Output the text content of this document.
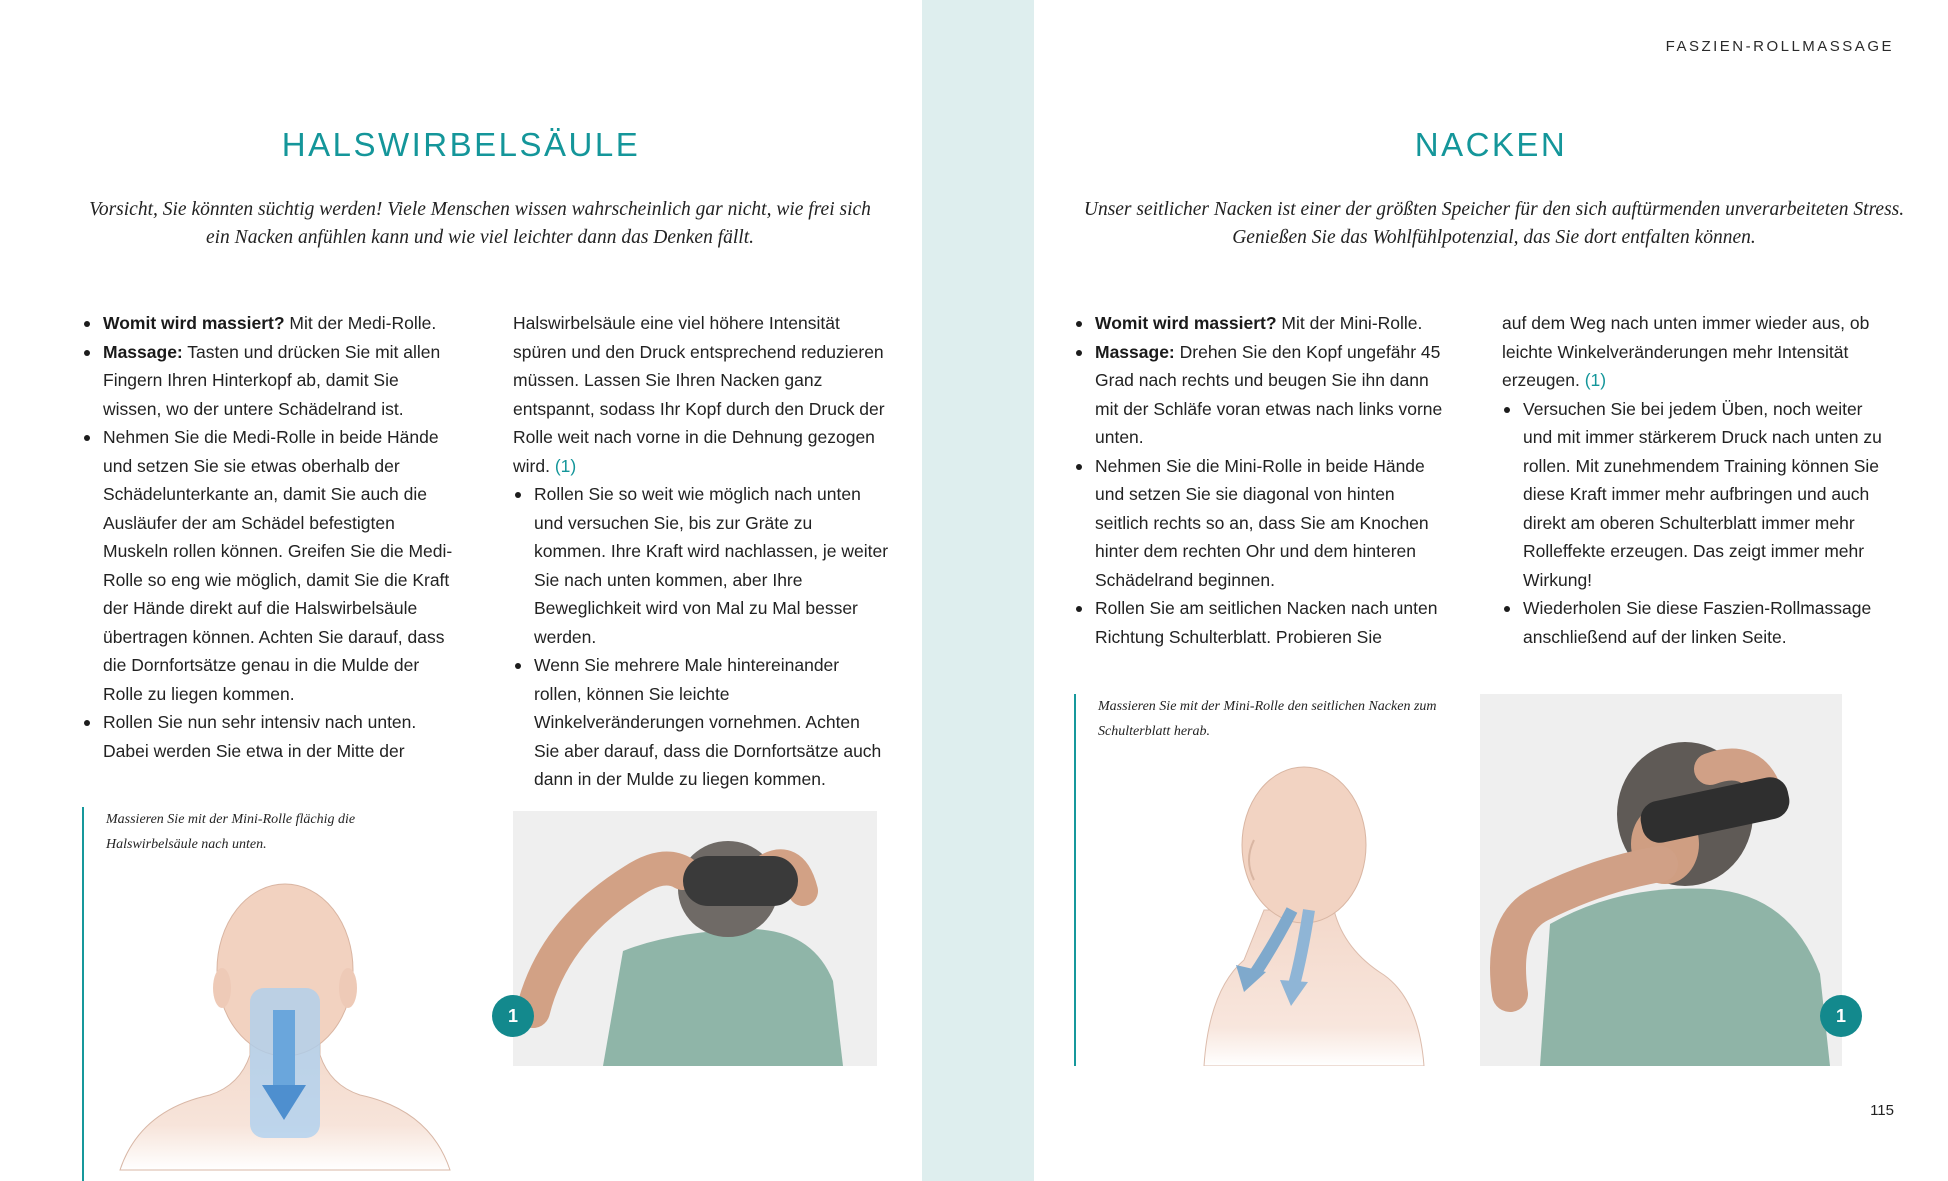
HALSWIRBELSÄULE
Vorsicht, Sie könnten süchtig werden! Viele Menschen wissen wahrscheinlich gar nicht, wie frei sich ein Nacken anfühlen kann und wie viel leichter dann das Denken fällt.
Womit wird massiert? Mit der Medi-Rolle.
Massage: Tasten und drücken Sie mit allen Fingern Ihren Hinterkopf ab, damit Sie wissen, wo der untere Schädelrand ist.
Nehmen Sie die Medi-Rolle in beide Hände und setzen Sie sie etwas oberhalb der Schädelunterkante an, damit Sie auch die Ausläufer der am Schädel befestigten Muskeln rollen können. Greifen Sie die Medi-Rolle so eng wie möglich, damit Sie die Kraft der Hände direkt auf die Halswirbelsäule übertragen können. Achten Sie darauf, dass die Dornfortsätze genau in die Mulde der Rolle zu liegen kommen.
Rollen Sie nun sehr intensiv nach unten. Dabei werden Sie etwa in der Mitte der

Halswirbelsäule eine viel höhere Intensität spüren und den Druck entsprechend reduzieren müssen. Lassen Sie Ihren Nacken ganz entspannt, sodass Ihr Kopf durch den Druck der Rolle weit nach vorne in die Dehnung gezogen wird. (1)

Rollen Sie so weit wie möglich nach unten und versuchen Sie, bis zur Gräte zu kommen. Ihre Kraft wird nachlassen, je weiter Sie nach unten kommen, aber Ihre Beweglichkeit wird von Mal zu Mal besser werden.
Wenn Sie mehrere Male hintereinander rollen, können Sie leichte Winkelveränderungen vornehmen. Achten Sie aber darauf, dass die Dornfortsätze auch dann in der Mulde zu liegen kommen.
Massieren Sie mit der Mini-Rolle flächig die Halswirbelsäule nach unten.
1
FASZIEN-ROLLMASSAGE
NACKEN
Unser seitlicher Nacken ist einer der größten Speicher für den sich auftürmenden unverarbeiteten Stress. Genießen Sie das Wohlfühlpotenzial, das Sie dort entfalten können.
Womit wird massiert? Mit der Mini-Rolle.
Massage: Drehen Sie den Kopf ungefähr 45 Grad nach rechts und beugen Sie ihn dann mit der Schläfe voran etwas nach links vorne unten.
Nehmen Sie die Mini-Rolle in beide Hände und setzen Sie sie diagonal von hinten seitlich rechts so an, dass Sie am Knochen hinter dem rechten Ohr und dem hinteren Schädelrand beginnen.
Rollen Sie am seitlichen Nacken nach unten Richtung Schulterblatt. Probieren Sie

auf dem Weg nach unten immer wieder aus, ob leichte Winkelveränderungen mehr Intensität erzeugen. (1)

Versuchen Sie bei jedem Üben, noch weiter und mit immer stärkerem Druck nach unten zu rollen. Mit zunehmendem Training können Sie diese Kraft immer mehr aufbringen und auch direkt am oberen Schulterblatt immer mehr Rolleffekte erzeugen. Das zeigt immer mehr Wirkung!
Wiederholen Sie diese Faszien-Rollmassage anschließend auf der linken Seite.
Massieren Sie mit der Mini-Rolle den seitlichen Nacken zum Schulterblatt herab.
1
115
